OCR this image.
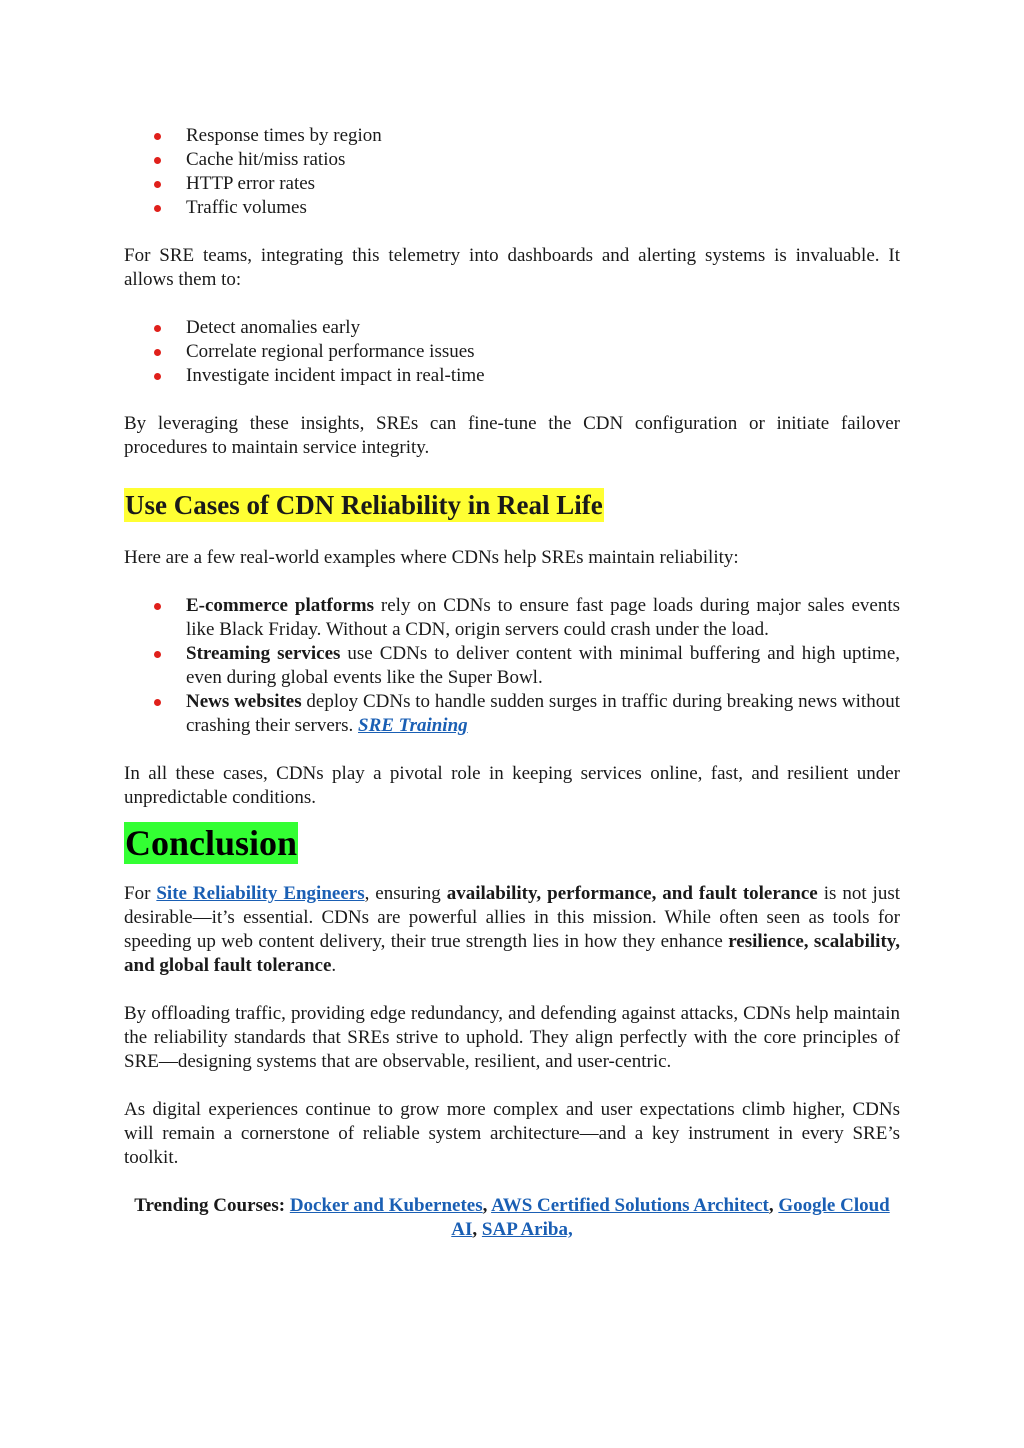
Response times by region
Cache hit/miss ratios
HTTP error rates
Traffic volumes

For SRE teams, integrating this telemetry into dashboards and alerting systems is invaluable. It allows them to:

Detect anomalies early
Correlate regional performance issues
Investigate incident impact in real-time

By leveraging these insights, SREs can fine-tune the CDN configuration or initiate failover procedures to maintain service integrity.

Use Cases of CDN Reliability in Real Life

Here are a few real-world examples where CDNs help SREs maintain reliability:

E-commerce platforms rely on CDNs to ensure fast page loads during major sales events like Black Friday. Without a CDN, origin servers could crash under the load.
Streaming services use CDNs to deliver content with minimal buffering and high uptime, even during global events like the Super Bowl.
News websites deploy CDNs to handle sudden surges in traffic during breaking news without crashing their servers. SRE Training

In all these cases, CDNs play a pivotal role in keeping services online, fast, and resilient under unpredictable conditions.

Conclusion

For Site Reliability Engineers, ensuring availability, performance, and fault tolerance is not just desirable—it’s essential. CDNs are powerful allies in this mission. While often seen as tools for speeding up web content delivery, their true strength lies in how they enhance resilience, scalability, and global fault tolerance.

By offloading traffic, providing edge redundancy, and defending against attacks, CDNs help maintain the reliability standards that SREs strive to uphold. They align perfectly with the core principles of SRE—designing systems that are observable, resilient, and user-centric.

As digital experiences continue to grow more complex and user expectations climb higher, CDNs will remain a cornerstone of reliable system architecture—and a key instrument in every SRE’s toolkit.

Trending Courses: Docker and Kubernetes, AWS Certified Solutions Architect, Google Cloud AI, SAP Ariba,
